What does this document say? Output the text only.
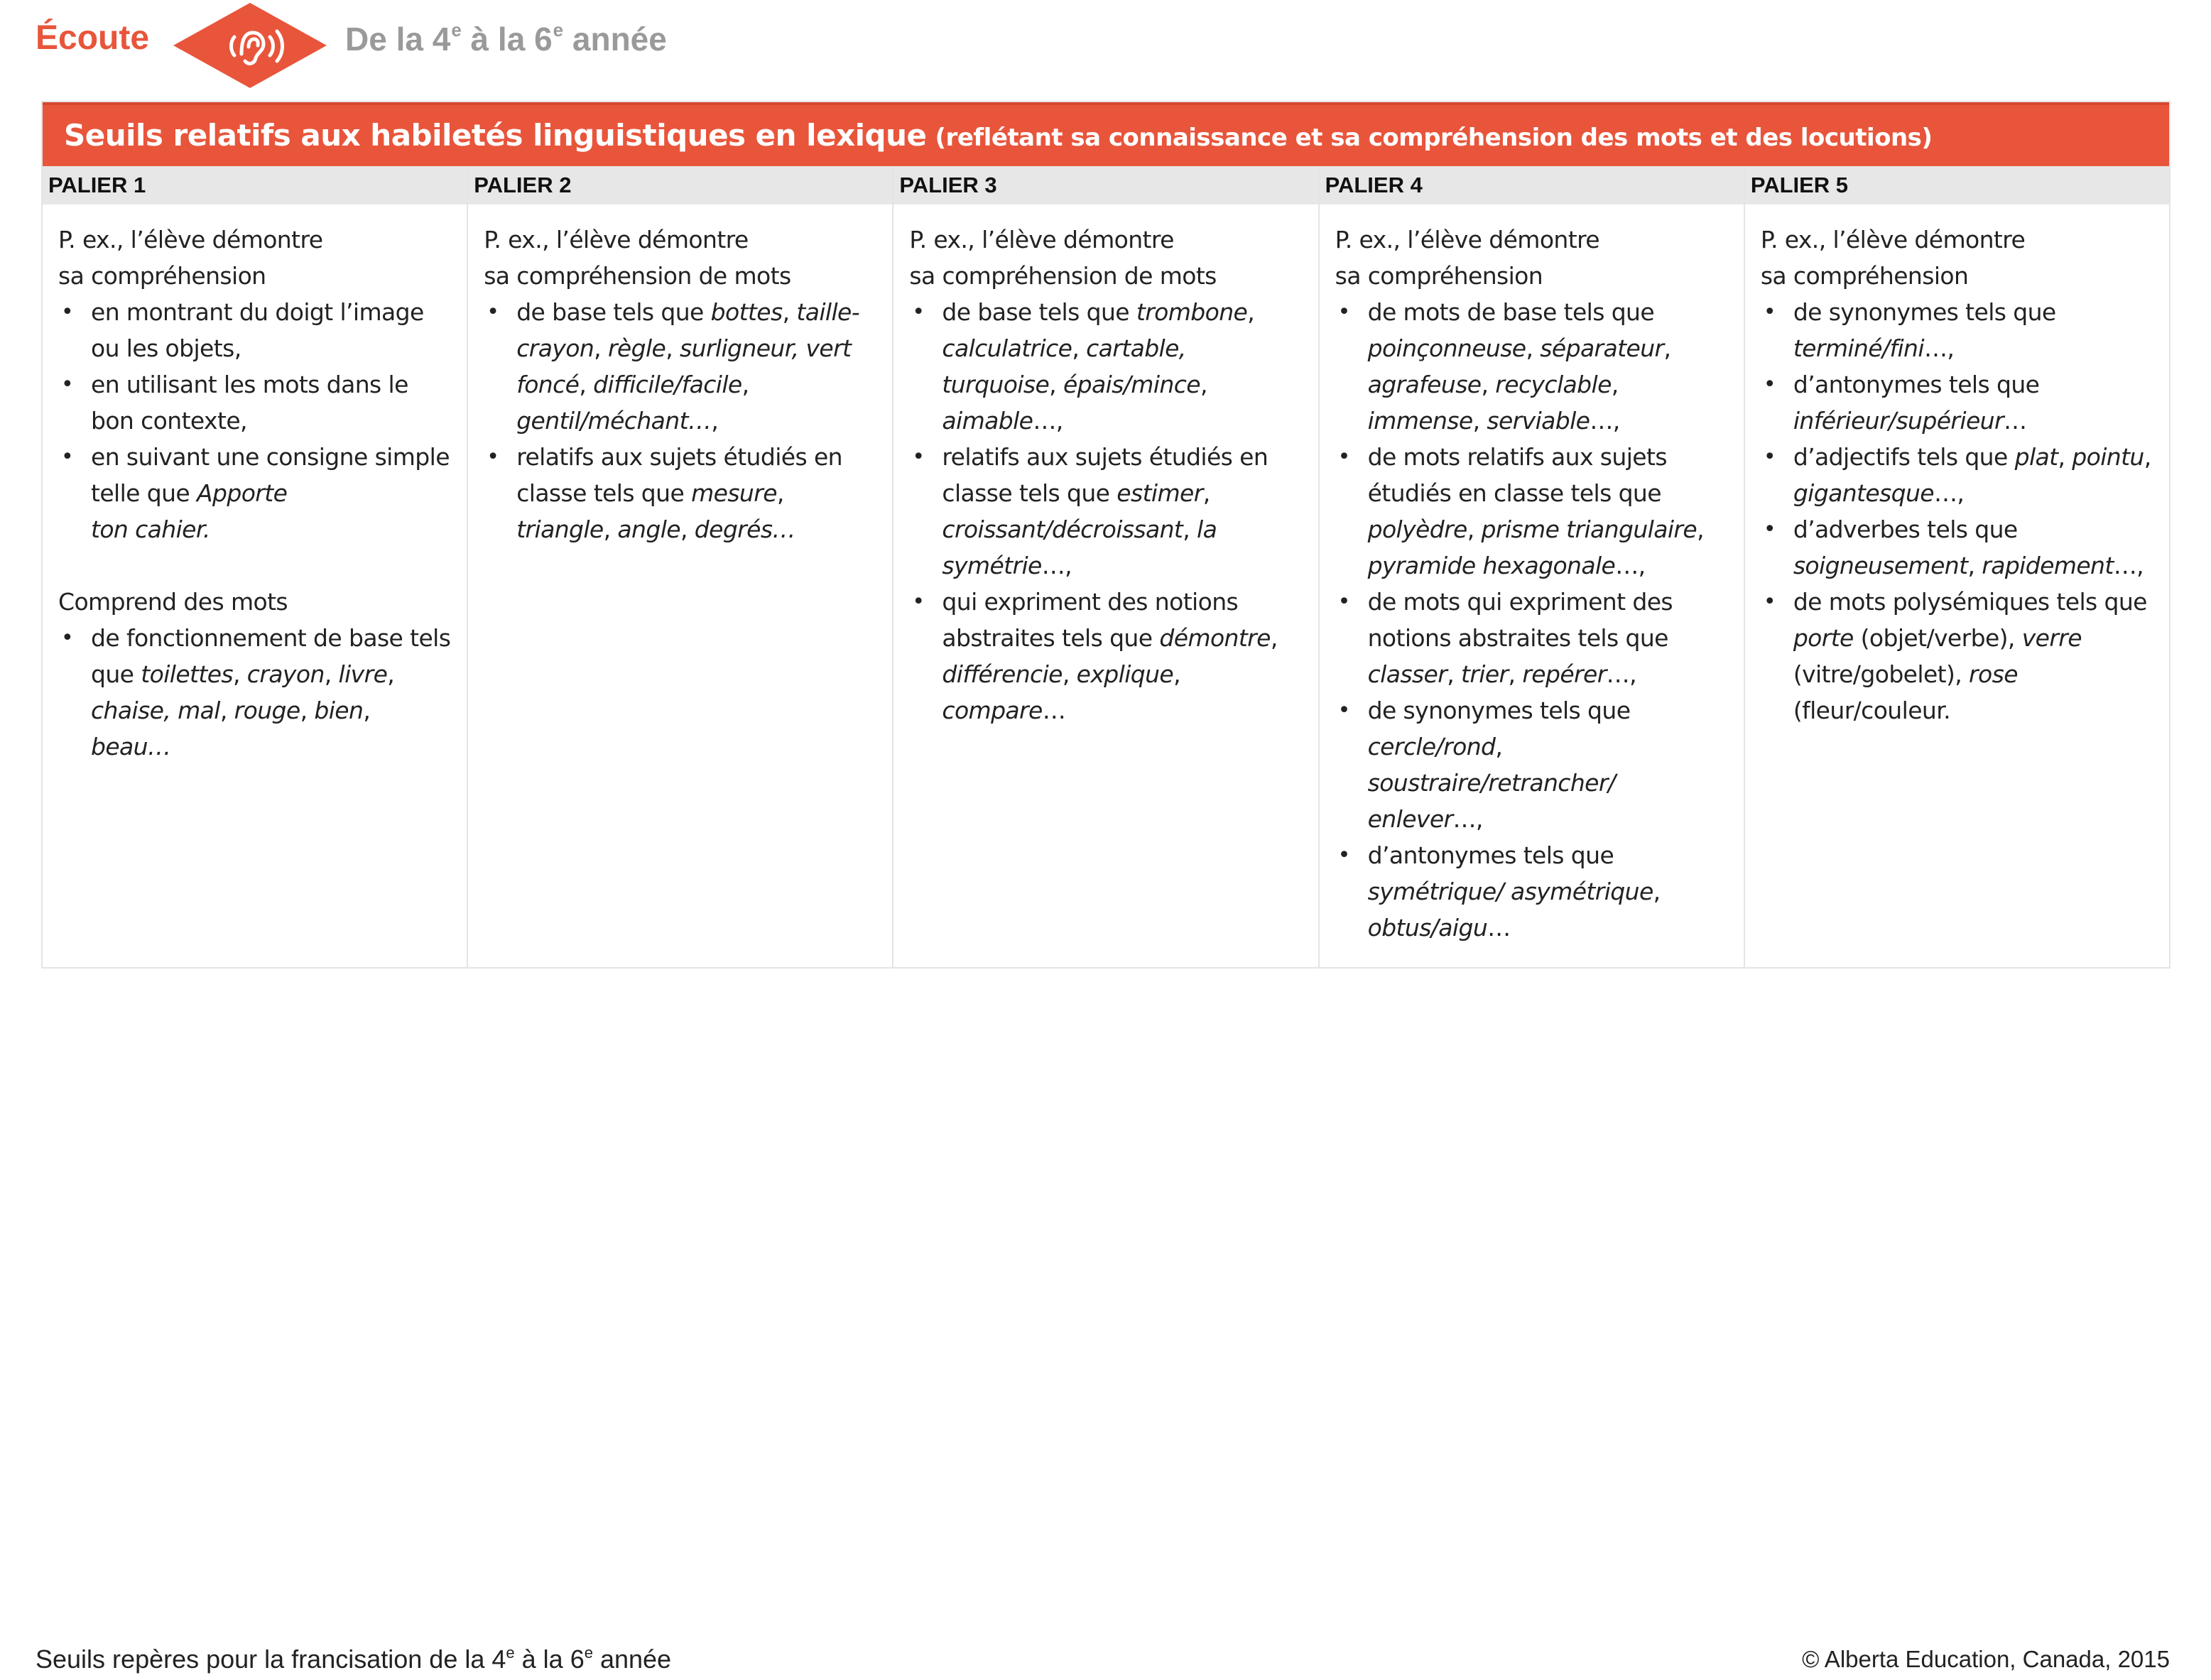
Écoute	De la 4e à la 6e année
Seuils relatifs aux habiletés linguistiques en lexique (reflétant sa connaissance et sa compréhension des mots et des locutions)
PALIER 1

P. ex., l’élève démontre

sa compréhension

• en montrant du doigt l’image ou les objets,
• en utilisant les mots dans le bon contexte,
• en suivant une consigne simple telle que Apporte
ton cahier.

Comprend des mots

• de fonctionnement de base tels que toilettes, crayon, livre, chaise, mal, rouge, bien, beau…
PALIER 2

P. ex., l’élève démontre

sa compréhension de mots

• de base tels que bottes, taille-crayon, règle, surligneur, vert foncé, difficile/facile, gentil/méchant…,
• relatifs aux sujets étudiés en classe tels que mesure, triangle, angle, degrés…
PALIER 3

P. ex., l’élève démontre

sa compréhension de mots

• de base tels que trombone, calculatrice, cartable, turquoise, épais/mince, aimable…,
• relatifs aux sujets étudiés en classe tels que estimer, croissant/décroissant, la symétrie…,
• qui expriment des notions abstraites tels que démontre, différencie, explique, compare…
PALIER 4

P. ex., l’élève démontre

sa compréhension

• de mots de base tels que poinçonneuse, séparateur, agrafeuse, recyclable, immense, serviable…,
• de mots relatifs aux sujets étudiés en classe tels que polyèdre, prisme triangulaire, pyramide hexagonale…,
• de mots qui expriment des notions abstraites tels que classer, trier, repérer…,
• de synonymes tels que cercle/rond, soustraire/retrancher/ enlever…,
• d’antonymes tels que symétrique/ asymétrique, obtus/aigu…
PALIER 5

P. ex., l’élève démontre

sa compréhension

• de synonymes tels que terminé/fini…,
• d’antonymes tels que inférieur/supérieur…
• d’adjectifs tels que plat, pointu, gigantesque…,
• d’adverbes tels que soigneusement, rapidement…,
• de mots polysémiques tels que porte (objet/verbe), verre (vitre/gobelet), rose (fleur/couleur.
Seuils repères pour la francisation de la 4e à la 6e année	© Alberta Education, Canada, 2015
